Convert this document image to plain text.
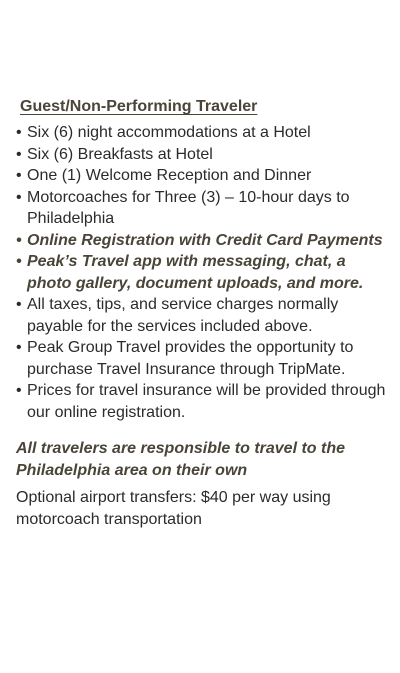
Guest/Non-Performing Traveler
• Six (6) night accommodations at a Hotel
• Six (6) Breakfasts at Hotel
• One (1) Welcome Reception and Dinner
• Motorcoaches for Three (3) – 10-hour days to Philadelphia
• Online Registration with Credit Card Payments
• Peak’s Travel app with messaging, chat, a photo gallery, document uploads, and more.
• All taxes, tips, and service charges normally payable for the services included above.
• Peak Group Travel provides the opportunity to purchase Travel Insurance through TripMate.
• Prices for travel insurance will be provided through our online registration.

All travelers are responsible to travel to the Philadelphia area on their own

Optional airport transfers: $40 per way using motorcoach transportation
